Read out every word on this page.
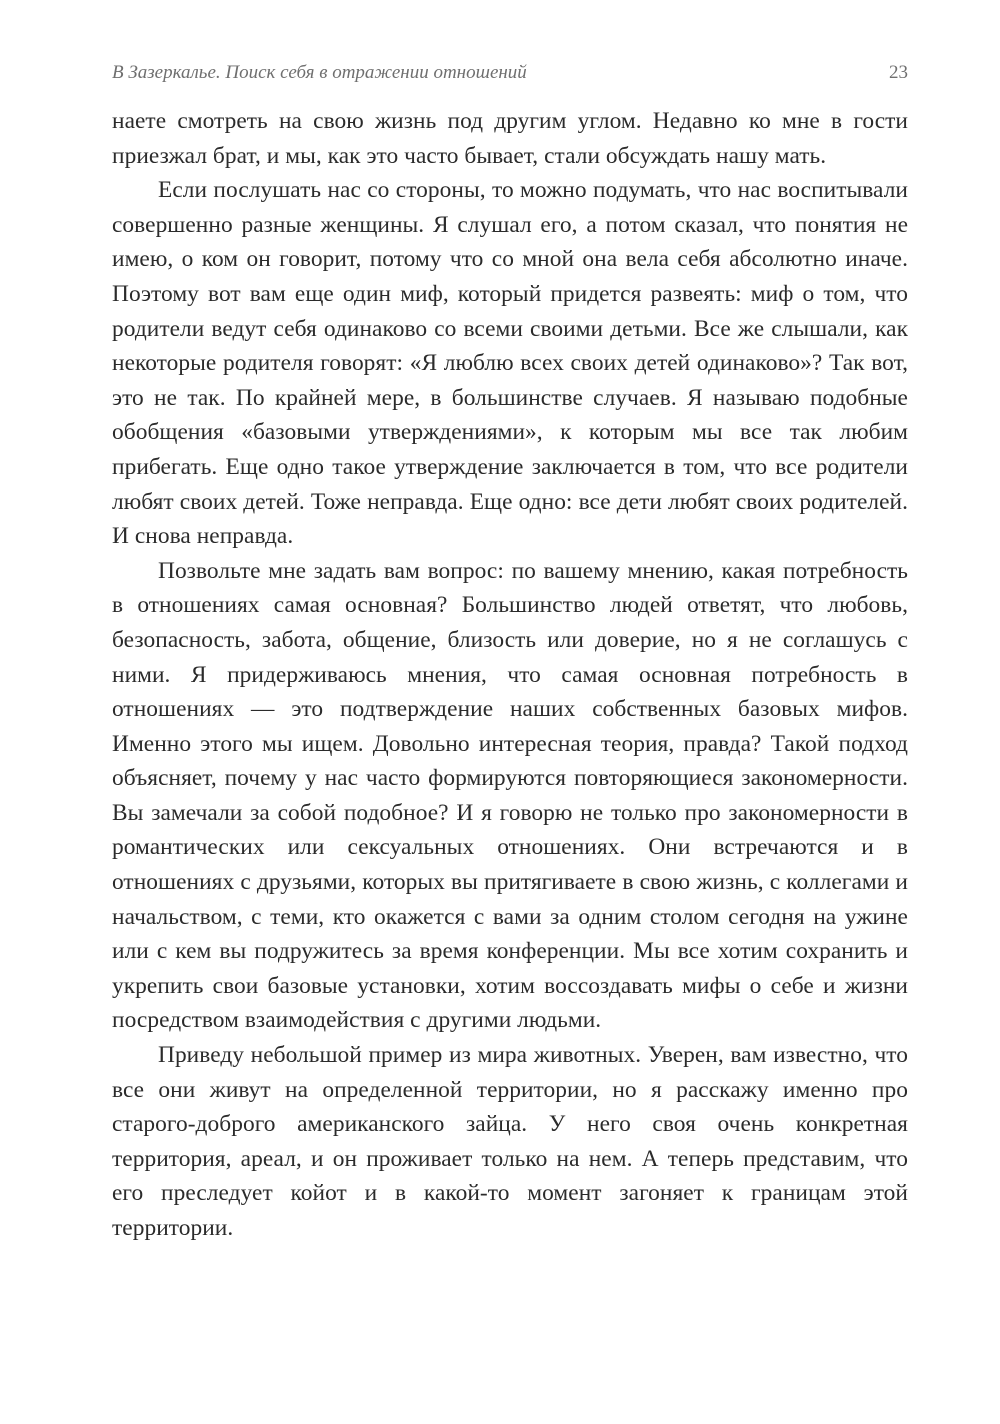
В Зазеркалье. Поиск себя в отражении отношений	23

наете смотреть на свою жизнь под другим углом. Недавно ко мне в гости приезжал брат, и мы, как это часто бывает, стали обсуждать нашу мать.

Если послушать нас со стороны, то можно подумать, что нас воспитывали совершенно разные женщины. Я слушал его, а потом сказал, что понятия не имею, о ком он говорит, потому что со мной она вела себя абсолютно иначе. Поэтому вот вам еще один миф, который придется развеять: миф о том, что родители ведут себя одинаково со всеми своими детьми. Все же слышали, как некоторые родителя говорят: «Я люблю всех своих детей одинаково»? Так вот, это не так. По крайней мере, в большинстве случаев. Я называю подобные обобщения «базовыми утверждениями», к которым мы все так любим прибегать. Еще одно такое утверждение заключается в том, что все родители любят своих детей. Тоже неправда. Еще одно: все дети любят своих родителей. И снова неправда.

Позвольте мне задать вам вопрос: по вашему мнению, какая потребность в отношениях самая основная? Большинство людей ответят, что любовь, безопасность, забота, общение, близость или доверие, но я не соглашусь с ними. Я придерживаюсь мнения, что самая основная потребность в отношениях — это подтверждение наших собственных базовых мифов. Именно этого мы ищем. Довольно интересная теория, правда? Такой подход объясняет, почему у нас часто формируются повторяющиеся закономерности. Вы замечали за собой подобное? И я говорю не только про закономерности в романтических или сексуальных отношениях. Они встречаются и в отношениях с друзьями, которых вы притягиваете в свою жизнь, с коллегами и начальством, с теми, кто окажется с вами за одним столом сегодня на ужине или с кем вы подружитесь за время конференции. Мы все хотим сохранить и укрепить свои базовые установки, хотим воссоздавать мифы о себе и жизни посредством взаимодействия с другими людьми.

Приведу небольшой пример из мира животных. Уверен, вам известно, что все они живут на определенной территории, но я расскажу именно про старого-доброго американского зайца. У него своя очень конкретная территория, ареал, и он проживает только на нем. А теперь представим, что его преследует койот и в какой-то момент загоняет к границам этой территории.
